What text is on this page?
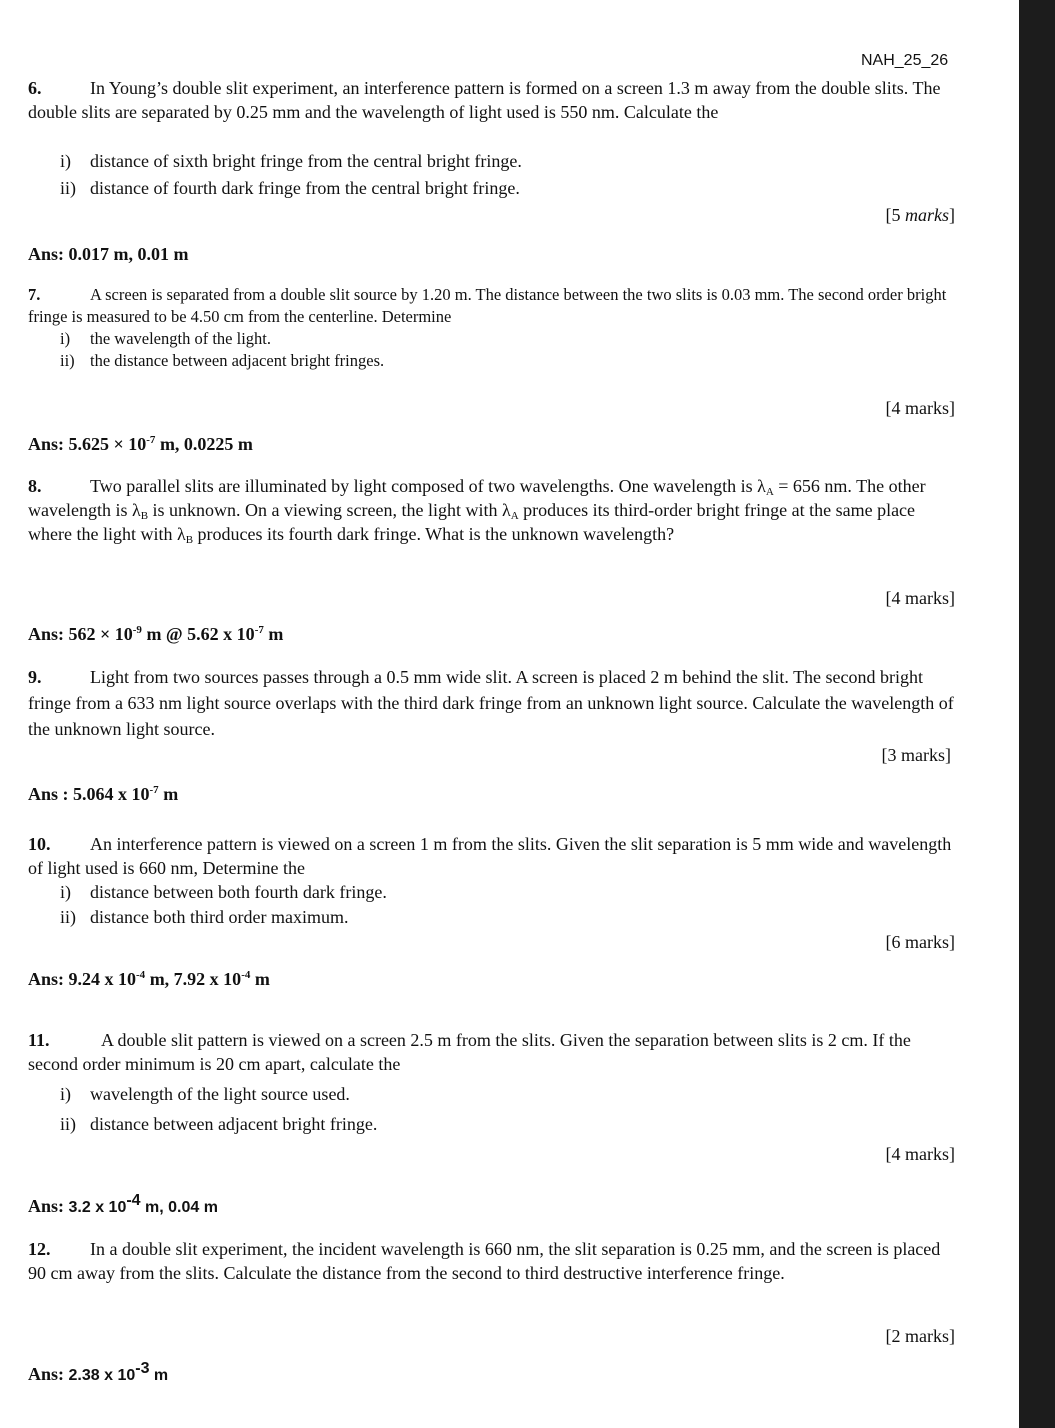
NAH_25_26
6.	In Young’s double slit experiment, an interference pattern is formed on a screen 1.3 m away from the double slits. The double slits are separated by 0.25 mm and the wavelength of light used is 550 nm. Calculate the
i) distance of sixth bright fringe from the central bright fringe.
ii) distance of fourth dark fringe from the central bright fringe.
[5 marks]
Ans: 0.017 m, 0.01 m
7.	A screen is separated from a double slit source by 1.20 m. The distance between the two slits is 0.03 mm. The second order bright fringe is measured to be 4.50 cm from the centerline. Determine
i) the wavelength of the light.
ii) the distance between adjacent bright fringes.
[4 marks]
Ans: $5.625 \times 10^{-7}$ m, 0.0225 m
8.	Two parallel slits are illuminated by light composed of two wavelengths. One wavelength is $\lambda_A = 656$ nm. The other wavelength is $\lambda_B$ is unknown. On a viewing screen, the light with $\lambda_A$ produces its third-order bright fringe at the same place where the light with $\lambda_B$ produces its fourth dark fringe. What is the unknown wavelength?
[4 marks]
Ans: $562 \times 10^{-9}$ m @ 5.62 x $10^{-7}$ m
9.	Light from two sources passes through a 0.5 mm wide slit. A screen is placed 2 m behind the slit. The second bright fringe from a 633 nm light source overlaps with the third dark fringe from an unknown light source. Calculate the wavelength of the unknown light source.
[3 marks]
Ans : 5.064 x $10^{-7}$ m
10. An interference pattern is viewed on a screen 1 m from the slits. Given the slit separation is 5 mm wide and wavelength of light used is 660 nm, Determine the
i) distance between both fourth dark fringe.
ii) distance both third order maximum.
[6 marks]
Ans: 9.24 x $10^{-4}$ m, 7.92 x $10^{-4}$ m
11.	A double slit pattern is viewed on a screen 2.5 m from the slits. Given the separation between slits is 2 cm. If the second order minimum is 20 cm apart, calculate the
i) wavelength of the light source used.
ii) distance between adjacent bright fringe.
[4 marks]
Ans: 3.2 x $10^{-4}$ m, 0.04 m
12. In a double slit experiment, the incident wavelength is 660 nm, the slit separation is 0.25 mm, and the screen is placed 90 cm away from the slits. Calculate the distance from the second to third destructive interference fringe.
[2 marks]
Ans: 2.38 x $10^{-3}$ m
